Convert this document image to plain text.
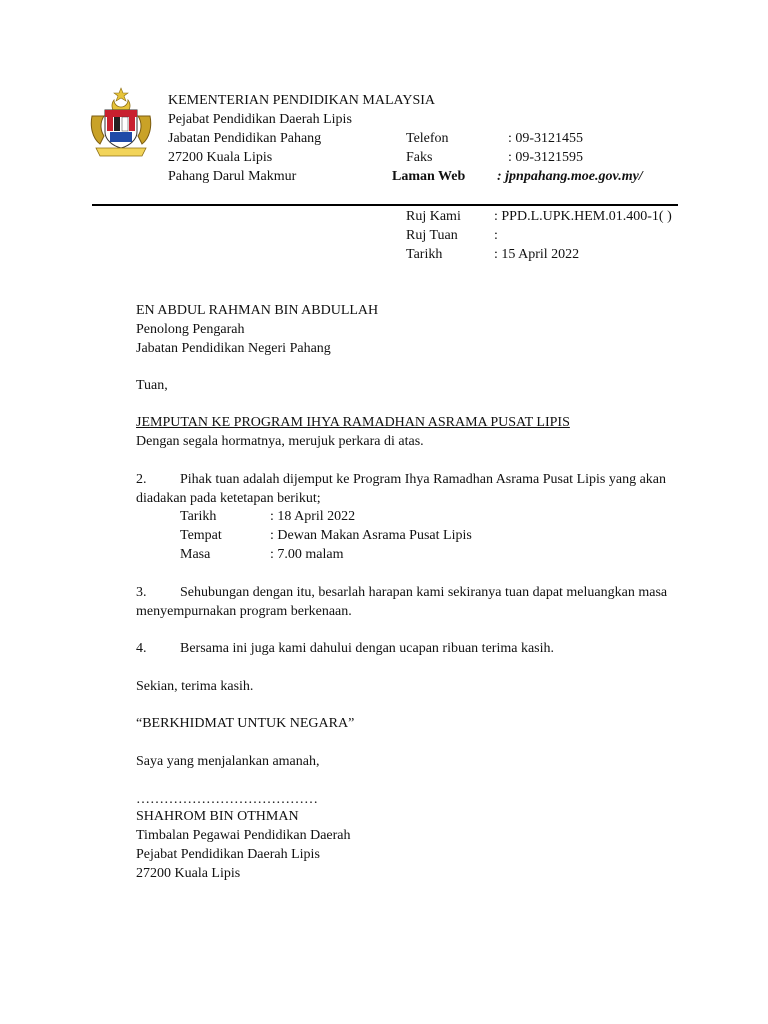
KEMENTERIAN PENDIDIKAN MALAYSIA
Pejabat Pendidikan Daerah Lipis
Jabatan Pendidikan Pahang
27200 Kuala Lipis
Pahang Darul Makmur
Telefon	: 09-3121455
Faks	: 09-3121595
Laman Web : jpnpahang.moe.gov.my/
Ruj Kami : PPD.L.UPK.HEM.01.400-1( )
Ruj Tuan	:
Tarikh	: 15 April 2022
EN ABDUL RAHMAN BIN ABDULLAH
Penolong Pengarah
Jabatan Pendidikan Negeri Pahang
Tuan,
JEMPUTAN KE PROGRAM IHYA RAMADHAN ASRAMA PUSAT LIPIS
Dengan segala hormatnya, merujuk perkara di atas.
2. Pihak tuan adalah dijemput ke Program Ihya Ramadhan Asrama Pusat Lipis yang akan
diadakan pada ketetapan berikut;
Tarikh	: 18 April 2022
Tempat	: Dewan Makan Asrama Pusat Lipis
Masa	: 7.00 malam
3. Sehubungan dengan itu, besarlah harapan kami sekiranya tuan dapat meluangkan masa
menyempurnakan program berkenaan.
4. Bersama ini juga kami dahului dengan ucapan ribuan terima kasih.
Sekian, terima kasih.
“BERKHIDMAT UNTUK NEGARA”
Saya yang menjalankan amanah,
…………………………………
SHAHROM BIN OTHMAN
Timbalan Pegawai Pendidikan Daerah
Pejabat Pendidikan Daerah Lipis
27200 Kuala Lipis
